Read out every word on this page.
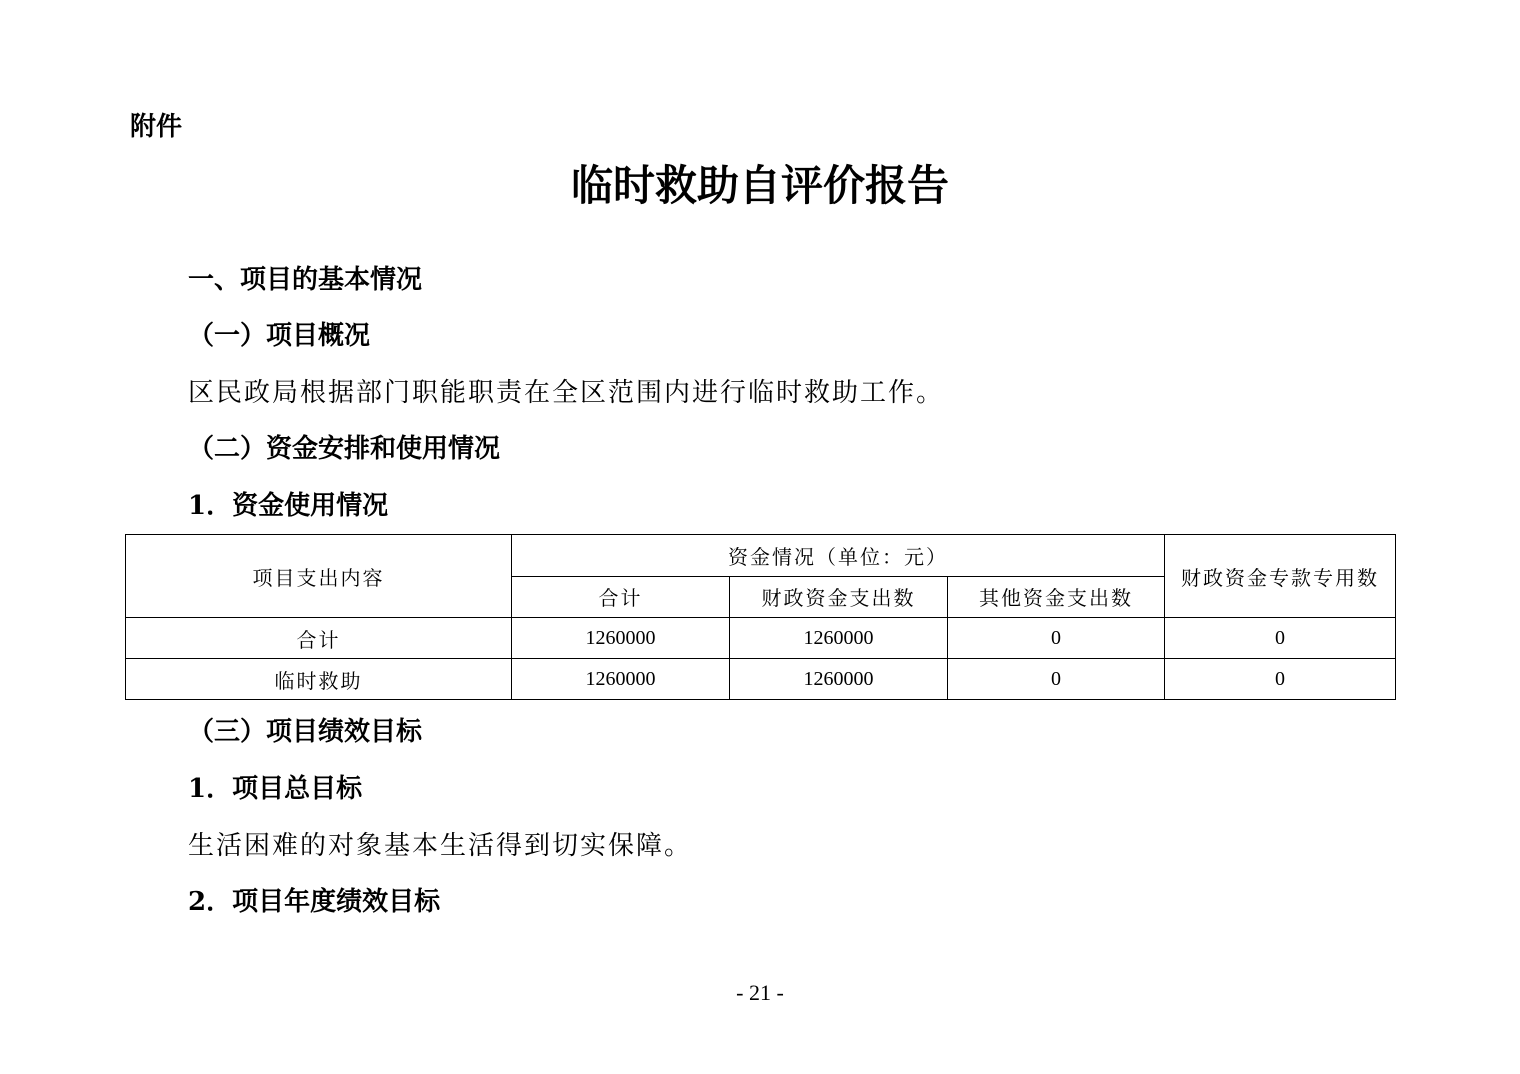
附件
临时救助自评价报告
一、项目的基本情况
（一）项目概况
区民政局根据部门职能职责在全区范围内进行临时救助工作。
（二）资金安排和使用情况
1．资金使用情况
项目支出内容	资金情况（单位：元）			财政资金专款专用数
	合计	财政资金支出数	其他资金支出数	
合计	1260000	1260000	0	0
临时救助	1260000	1260000	0	0
（三）项目绩效目标
1．项目总目标
生活困难的对象基本生活得到切实保障。
2．项目年度绩效目标
- 21 -
